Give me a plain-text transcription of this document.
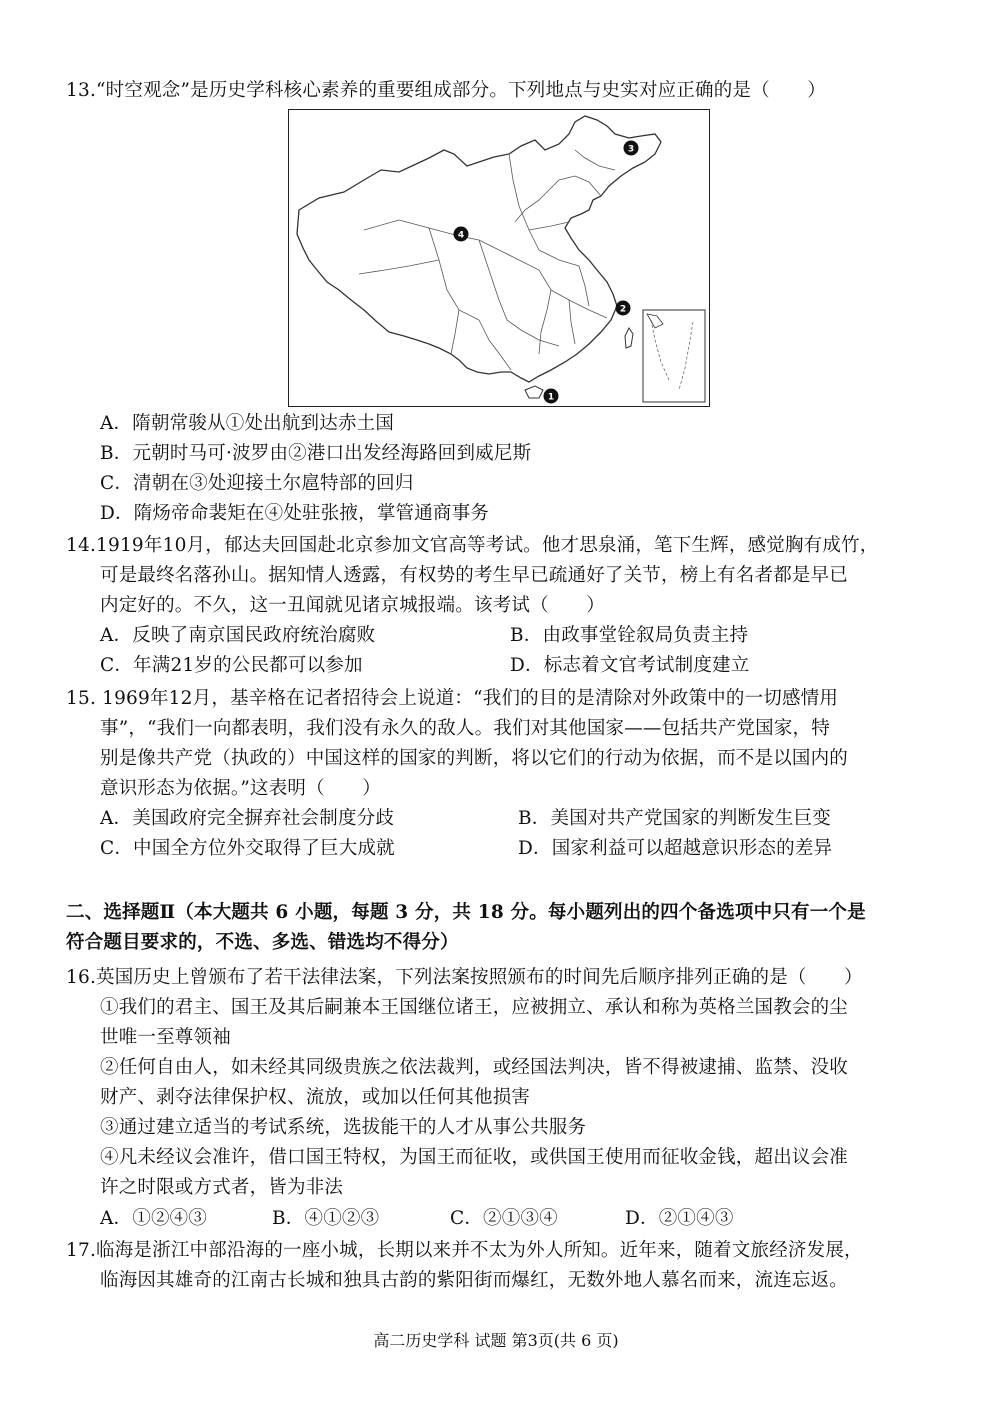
13.“时空观念”是历史学科核心素养的重要组成部分。下列地点与史实对应正确的是（　　）
1
2
3
4
A．隋朝常骏从①处出航到达赤土国
B．元朝时马可·波罗由②港口出发经海路回到威尼斯
C．清朝在③处迎接土尔扈特部的回归
D．隋炀帝命裴矩在④处驻张掖，掌管通商事务
14.1919年10月，郁达夫回国赴北京参加文官高等考试。他才思泉涌，笔下生辉，感觉胸有成竹，
可是最终名落孙山。据知情人透露，有权势的考生早已疏通好了关节，榜上有名者都是早已
内定好的。不久，这一丑闻就见诸京城报端。该考试（　　）
A．反映了南京国民政府统治腐败	B．由政事堂铨叙局负责主持
C．年满21岁的公民都可以参加	D．标志着文官考试制度建立
15. 1969年12月，基辛格在记者招待会上说道：“我们的目的是清除对外政策中的一切感情用
事”，“我们一向都表明，我们没有永久的敌人。我们对其他国家——包括共产党国家，特
别是像共产党（执政的）中国这样的国家的判断，将以它们的行动为依据，而不是以国内的
意识形态为依据。”这表明（　　）
A．美国政府完全摒弃社会制度分歧	B．美国对共产党国家的判断发生巨变
C．中国全方位外交取得了巨大成就	D．国家利益可以超越意识形态的差异
二、选择题Ⅱ（本大题共 6 小题，每题 3 分，共 18 分。每小题列出的四个备选项中只有一个是
符合题目要求的，不选、多选、错选均不得分）
16.英国历史上曾颁布了若干法律法案，下列法案按照颁布的时间先后顺序排列正确的是（　　）
①我们的君主、国王及其后嗣兼本王国继位诸王，应被拥立、承认和称为英格兰国教会的尘
世唯一至尊领袖
②任何自由人，如未经其同级贵族之依法裁判，或经国法判决，皆不得被逮捕、监禁、没收
财产、剥夺法律保护权、流放，或加以任何其他损害
③通过建立适当的考试系统，选拔能干的人才从事公共服务
④凡未经议会准许，借口国王特权，为国王而征收，或供国王使用而征收金钱，超出议会准
许之时限或方式者，皆为非法
A．①②④③	B．④①②③	C．②①③④	D．②①④③
17.临海是浙江中部沿海的一座小城，长期以来并不太为外人所知。近年来，随着文旅经济发展，
临海因其雄奇的江南古长城和独具古韵的紫阳街而爆红，无数外地人慕名而来，流连忘返。
高二历史学科 试题 第3页(共 6 页)
